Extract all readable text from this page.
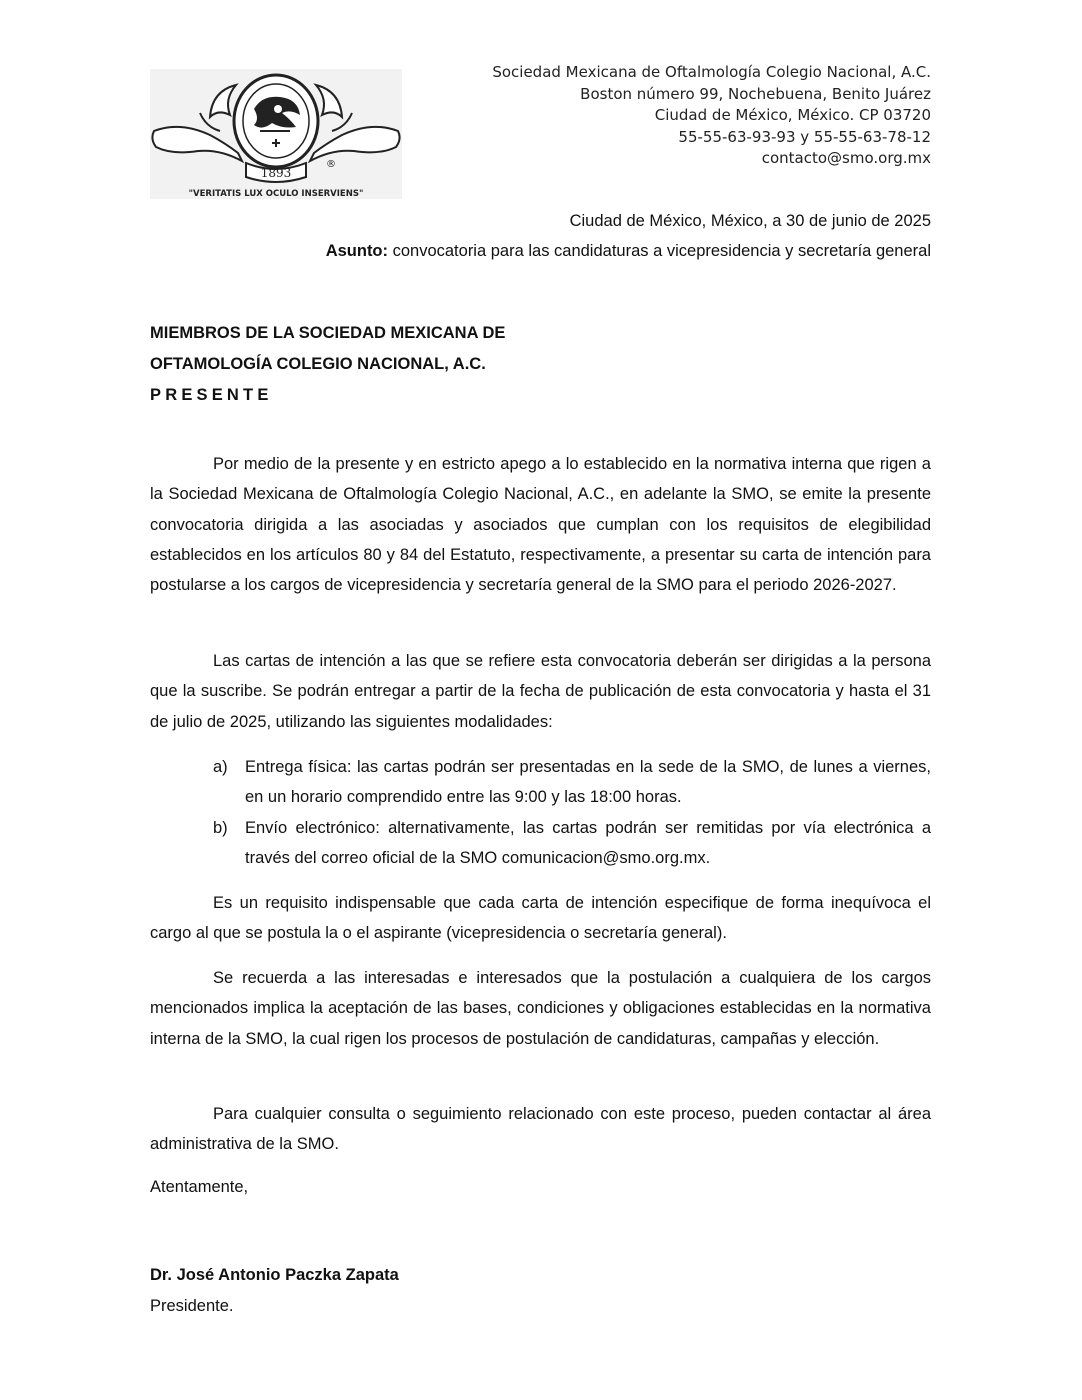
1893
®
"VERITATIS LUX OCULO INSERVIENS"
Sociedad Mexicana de Oftalmología Colegio Nacional, A.C.
Boston número 99, Nochebuena, Benito Juárez
Ciudad de México, México. CP 03720
55-55-63-93-93 y 55-55-63-78-12
contacto@smo.org.mx
Ciudad de México, México, a 30 de junio de 2025
Asunto: convocatoria para las candidaturas a vicepresidencia y secretaría general
MIEMBROS DE LA SOCIEDAD MEXICANA DE
OFTAMOLOGÍA COLEGIO NACIONAL, A.C.
PRESENTE

Por medio de la presente y en estricto apego a lo establecido en la normativa interna que rigen a la Sociedad Mexicana de Oftalmología Colegio Nacional, A.C., en adelante la SMO, se emite la presente convocatoria dirigida a las asociadas y asociados que cumplan con los requisitos de elegibilidad establecidos en los artículos 80 y 84 del Estatuto, respectivamente, a presentar su carta de intención para postularse a los cargos de vicepresidencia y secretaría general de la SMO para el periodo 2026-2027.

Las cartas de intención a las que se refiere esta convocatoria deberán ser dirigidas a la persona que la suscribe. Se podrán entregar a partir de la fecha de publicación de esta convocatoria y hasta el 31 de julio de 2025, utilizando las siguientes modalidades:

a) Entrega física: las cartas podrán ser presentadas en la sede de la SMO, de lunes a viernes, en un horario comprendido entre las 9:00 y las 18:00 horas.
b) Envío electrónico: alternativamente, las cartas podrán ser remitidas por vía electrónica a través del correo oficial de la SMO comunicacion@smo.org.mx.

Es un requisito indispensable que cada carta de intención especifique de forma inequívoca el cargo al que se postula la o el aspirante (vicepresidencia o secretaría general).

Se recuerda a las interesadas e interesados que la postulación a cualquiera de los cargos mencionados implica la aceptación de las bases, condiciones y obligaciones establecidas en la normativa interna de la SMO, la cual rigen los procesos de postulación de candidaturas, campañas y elección.

Para cualquier consulta o seguimiento relacionado con este proceso, pueden contactar al área administrativa de la SMO.

Atentamente,
Dr. José Antonio Paczka Zapata
Presidente.
